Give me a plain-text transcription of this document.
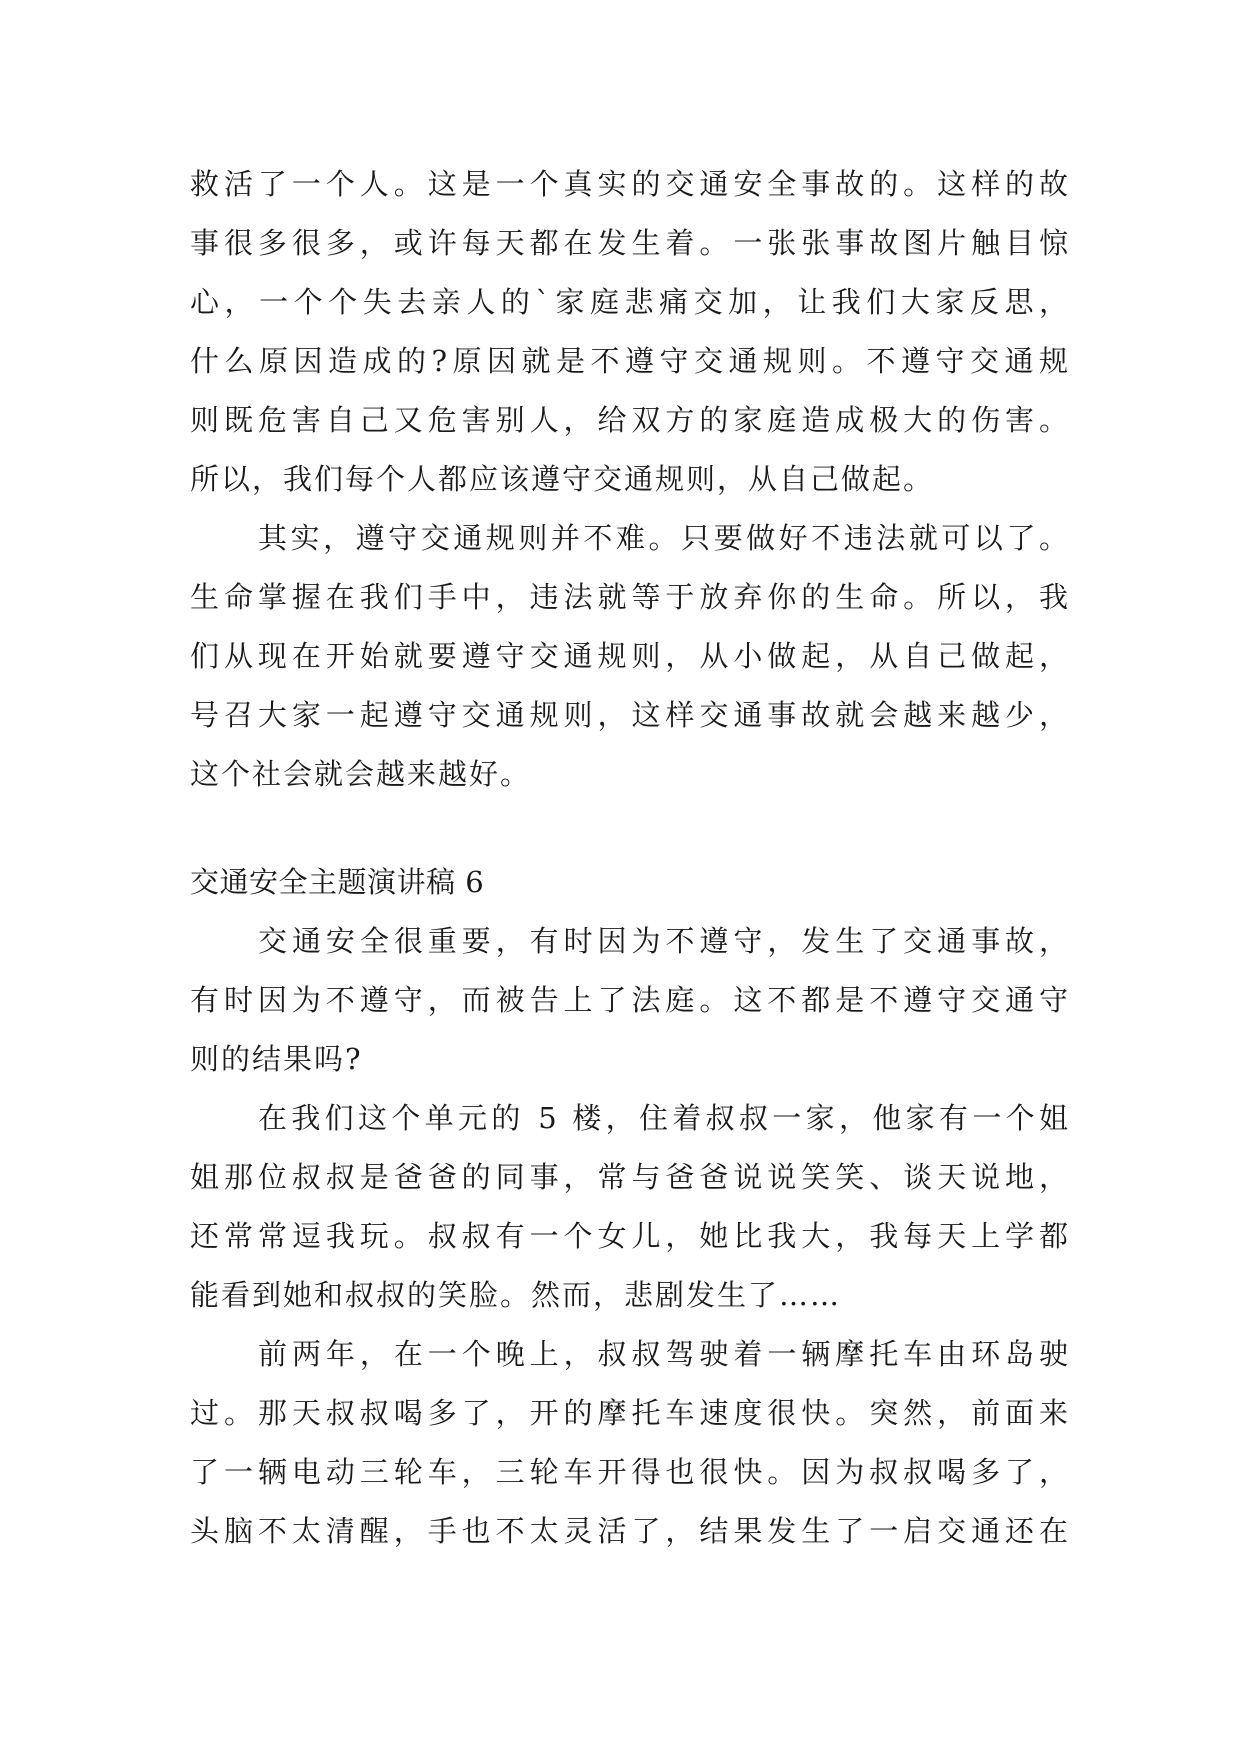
救活了一个人。这是一个真实的交通安全事故的。这样的故
事很多很多，或许每天都在发生着。一张张事故图片触目惊
心，一个个失去亲人的`家庭悲痛交加，让我们大家反思，
什么原因造成的?原因就是不遵守交通规则。不遵守交通规
则既危害自己又危害别人，给双方的家庭造成极大的伤害。
所以，我们每个人都应该遵守交通规则，从自己做起。
其实，遵守交通规则并不难。只要做好不违法就可以了。
生命掌握在我们手中，违法就等于放弃你的生命。所以，我
们从现在开始就要遵守交通规则，从小做起，从自己做起，
号召大家一起遵守交通规则，这样交通事故就会越来越少，
这个社会就会越来越好。
交通安全主题演讲稿 6
交通安全很重要，有时因为不遵守，发生了交通事故，
有时因为不遵守，而被告上了法庭。这不都是不遵守交通守
则的结果吗?
在我们这个单元的 5 楼，住着叔叔一家，他家有一个姐
姐那位叔叔是爸爸的同事，常与爸爸说说笑笑、谈天说地，
还常常逗我玩。叔叔有一个女儿，她比我大，我每天上学都
能看到她和叔叔的笑脸。然而，悲剧发生了……
前两年，在一个晚上，叔叔驾驶着一辆摩托车由环岛驶
过。那天叔叔喝多了，开的摩托车速度很快。突然，前面来
了一辆电动三轮车，三轮车开得也很快。因为叔叔喝多了，
头脑不太清醒，手也不太灵活了，结果发生了一启交通还在
